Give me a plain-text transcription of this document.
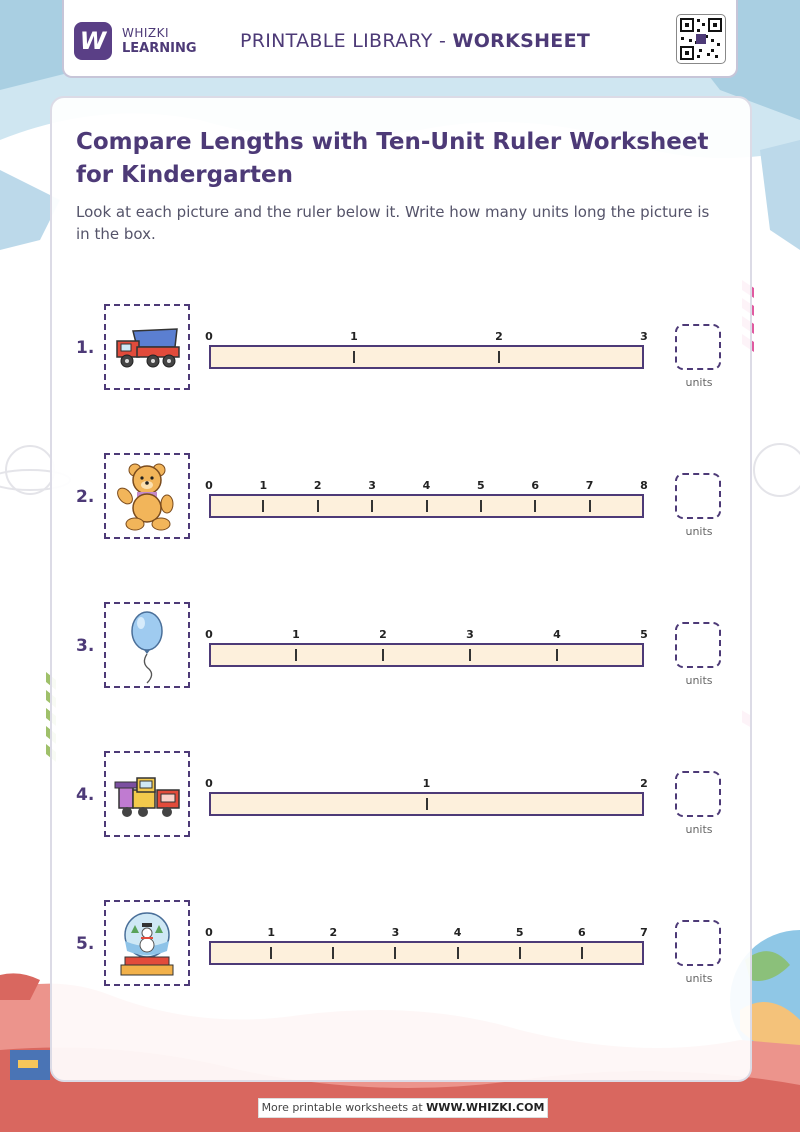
W	WHIZKI
LEARNING PRINTABLE LIBRARY - WORKSHEET
Compare Lengths with Ten-Unit Ruler Worksheet for Kindergarten
Look at each picture and the ruler below it. Write how many units long the picture is in the box.
1.
0	1	2	3
units
2.
0	1	2	3	4	5	6	7	8
units
3.
0	1	2	3	4	5
units
4.
0	1	2
units
5.
0	1	2	3	4	5	6	7
units
More printable worksheets at WWW.WHIZKI.COM
